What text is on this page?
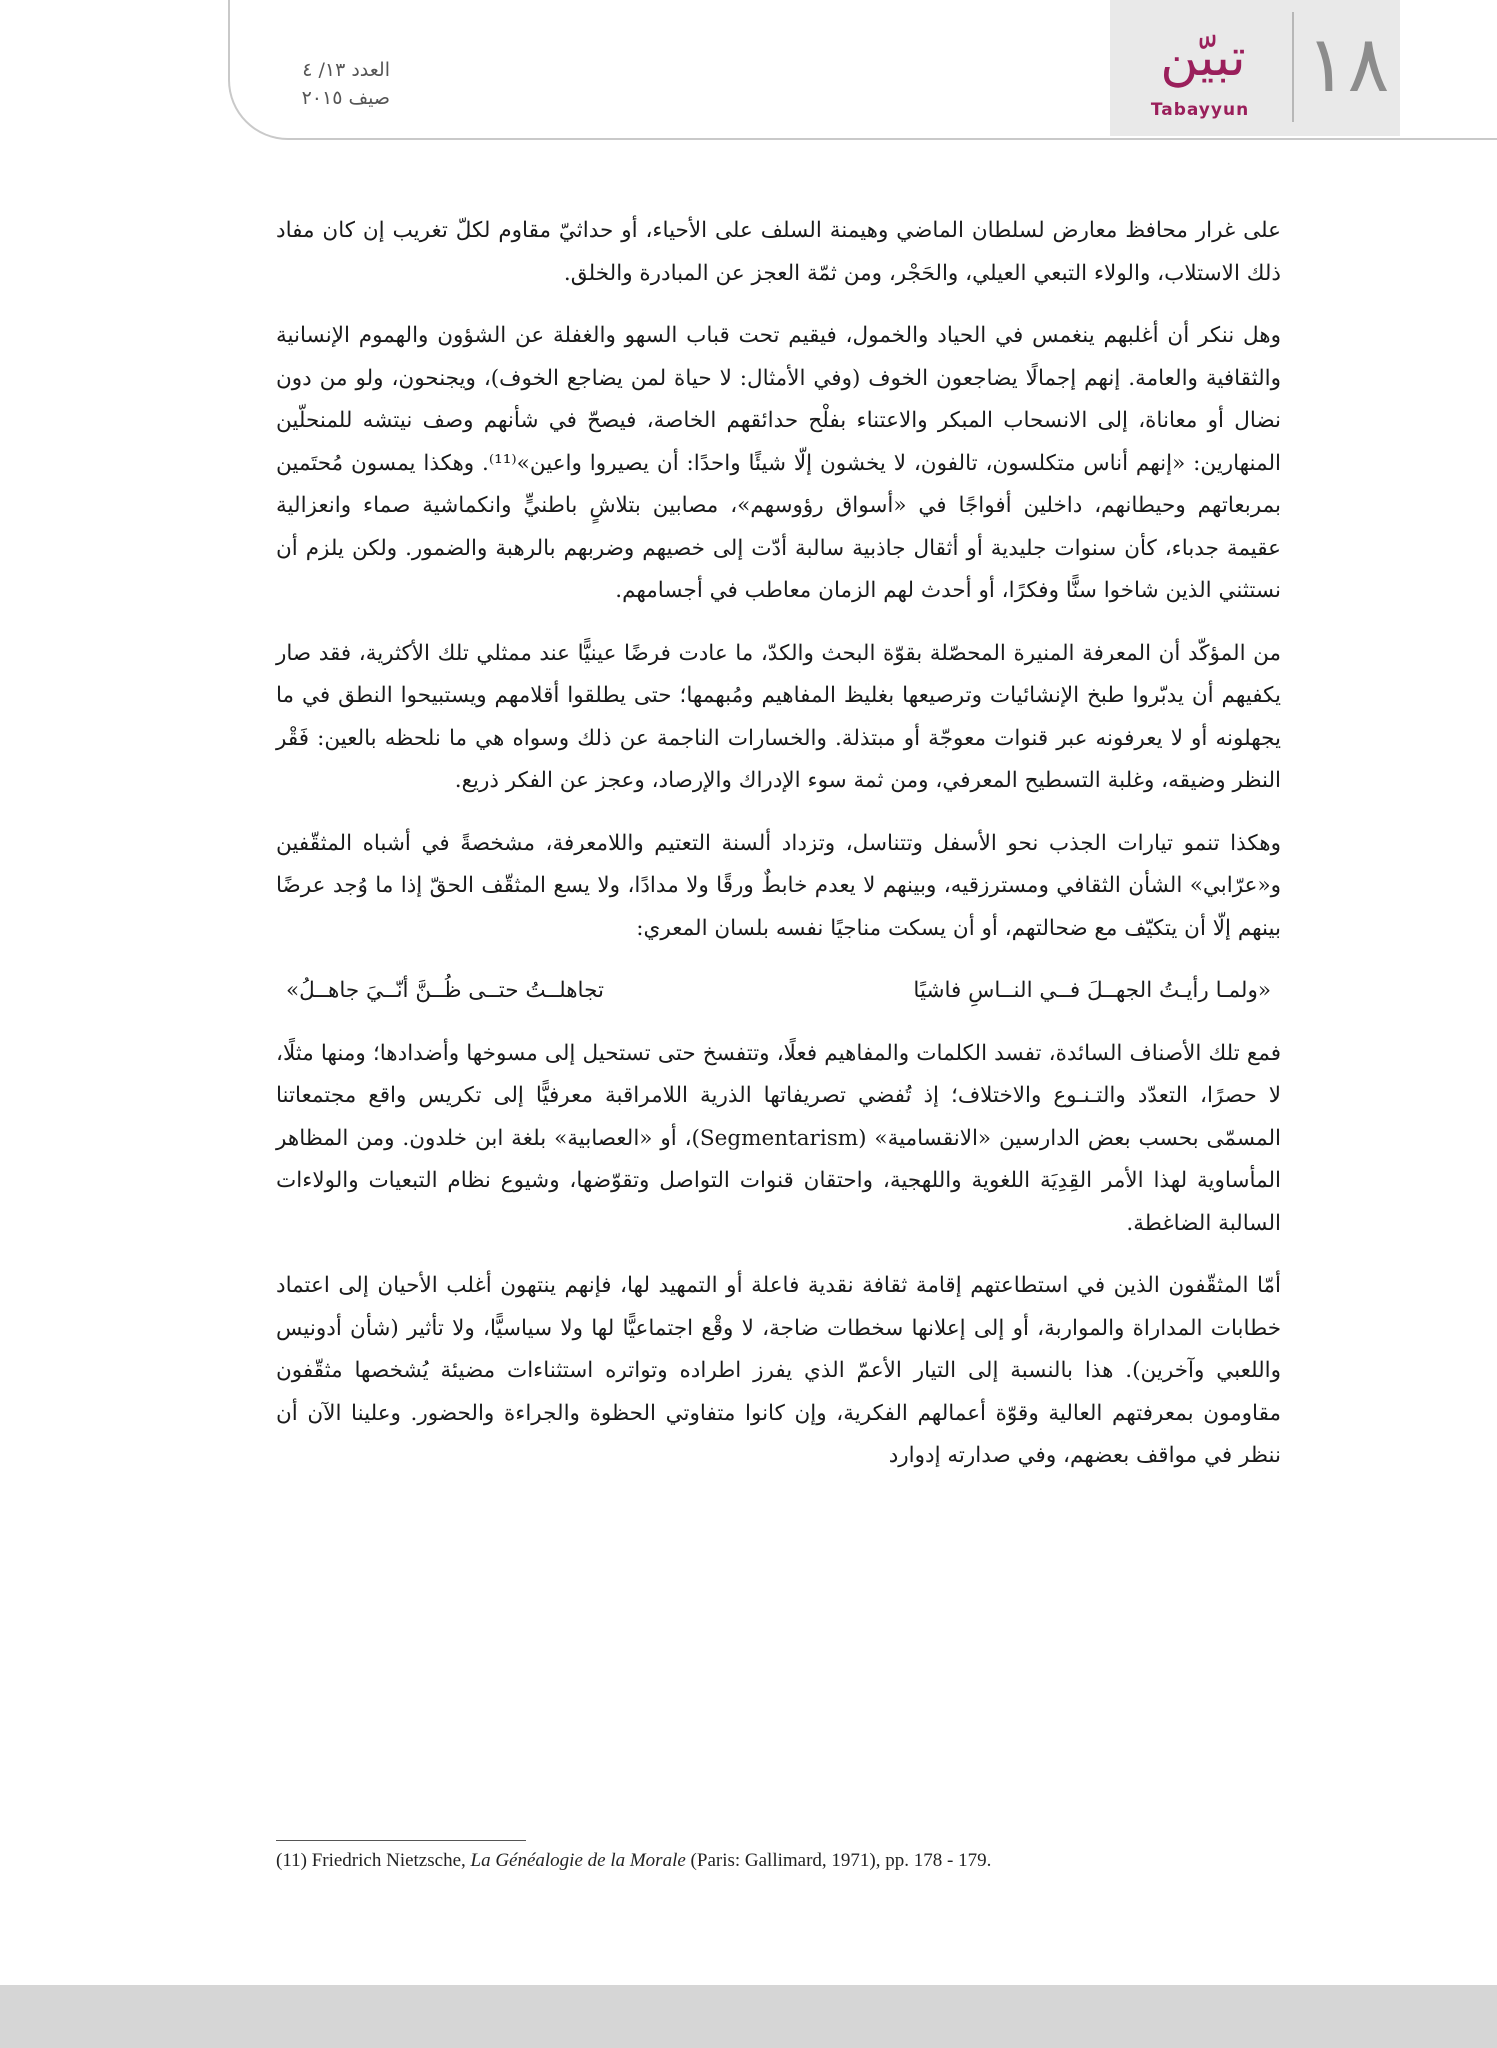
تبيّن
Tabayyun ١٨
العدد ١٣/ ٤
صيف ٢٠١٥

على غرار محافظ معارض لسلطان الماضي وهيمنة السلف على الأحياء، أو حداثيّ مقاوم لكلّ تغريب إن كان مفاد ذلك الاستلاب، والولاء التبعي العيلي، والحَجْر، ومن ثمّة العجز عن المبادرة والخلق.

وهل ننكر أن أغلبهم ينغمس في الحياد والخمول، فيقيم تحت قباب السهو والغفلة عن الشؤون والهموم الإنسانية والثقافية والعامة. إنهم إجمالًا يضاجعون الخوف (وفي الأمثال: لا حياة لمن يضاجع الخوف)، ويجنحون، ولو من دون نضال أو معاناة، إلى الانسحاب المبكر والاعتناء بفلْح حدائقهم الخاصة، فيصحّ في شأنهم وصف نيتشه للمنحلّين المنهارين: «إنهم أناس متكلسون، تالفون، لا يخشون إلّا شيئًا واحدًا: أن يصيروا واعين»⁽¹¹⁾. وهكذا يمسون مُحتَمين بمربعاتهم وحيطانهم، داخلين أفواجًا في «أسواق رؤوسهم»، مصابين بتلاشٍ باطنيٍّ وانكماشية صماء وانعزالية عقيمة جدباء، كأن سنوات جليدية أو أثقال جاذبية سالبة أدّت إلى خصيهم وضربهم بالرهبة والضمور. ولكن يلزم أن نستثني الذين شاخوا سنًّا وفكرًا، أو أحدث لهم الزمان معاطب في أجسامهم.

من المؤكّد أن المعرفة المنيرة المحصّلة بقوّة البحث والكدّ، ما عادت فرضًا عينيًّا عند ممثلي تلك الأكثرية، فقد صار يكفيهم أن يدبّروا طبخ الإنشائيات وترصيعها بغليظ المفاهيم ومُبهمها؛ حتى يطلقوا أقلامهم ويستبيحوا النطق في ما يجهلونه أو لا يعرفونه عبر قنوات معوجّة أو مبتذلة. والخسارات الناجمة عن ذلك وسواه هي ما نلحظه بالعين: فَقْر النظر وضيقه، وغلبة التسطيح المعرفي، ومن ثمة سوء الإدراك والإرصاد، وعجز عن الفكر ذريع.

وهكذا تنمو تيارات الجذب نحو الأسفل وتتناسل، وتزداد ألسنة التعتيم واللامعرفة، مشخصةً في أشباه المثقّفين و«عرّابي» الشأن الثقافي ومسترزقيه، وبينهم لا يعدم خابطٌ ورقًا ولا مدادًا، ولا يسع المثقّف الحقّ إذا ما وُجد عرضًا بينهم إلّا أن يتكيّف مع ضحالتهم، أو أن يسكت مناجيًا نفسه بلسان المعري:

«ولمـا رأيـتُ الجهــلَ فــي النــاسِ فاشيًا
تجاهلــتُ حتــى ظُــنَّ أنّــيَ جاهــلُ»

فمع تلك الأصناف السائدة، تفسد الكلمات والمفاهيم فعلًا، وتتفسخ حتى تستحيل إلى مسوخها وأضدادها؛ ومنها مثلًا، لا حصرًا، التعدّد والتـنـوع والاختلاف؛ إذ تُفضي تصريفاتها الذرية اللامراقبة معرفيًّا إلى تكريس واقع مجتمعاتنا المسمّى بحسب بعض الدارسين «الانقسامية» (Segmentarism)، أو «العصابية» بلغة ابن خلدون. ومن المظاهر المأساوية لهذا الأمر القِدِيَة اللغوية واللهجية، واحتقان قنوات التواصل وتقوّضها، وشيوع نظام التبعيات والولاءات السالبة الضاغطة.

أمّا المثقّفون الذين في استطاعتهم إقامة ثقافة نقدية فاعلة أو التمهيد لها، فإنهم ينتهون أغلب الأحيان إلى اعتماد خطابات المداراة والمواربة، أو إلى إعلانها سخطات ضاجة، لا وقْع اجتماعيًّا لها ولا سياسيًّا، ولا تأثير (شأن أدونيس واللعبي وآخرين). هذا بالنسبة إلى التيار الأعمّ الذي يفرز اطراده وتواتره استثناءات مضيئة يُشخصها مثقّفون مقاومون بمعرفتهم العالية وقوّة أعمالهم الفكرية، وإن كانوا متفاوتي الحظوة والجراءة والحضور. وعلينا الآن أن ننظر في مواقف بعضهم، وفي صدارته إدوارد

(11) Friedrich Nietzsche, La Généalogie de la Morale (Paris: Gallimard, 1971), pp. 178 - 179.
